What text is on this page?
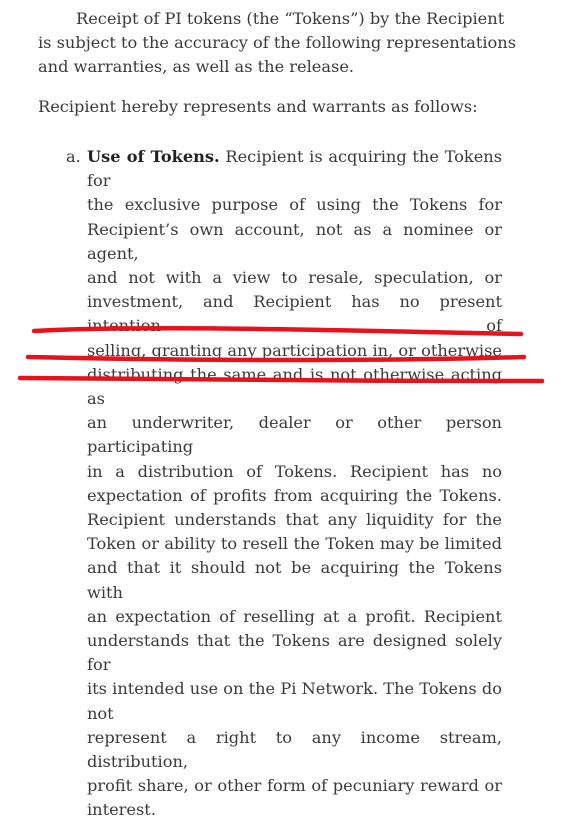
Receipt of PI tokens (the “Tokens”) by the Recipient is subject to the accuracy of the following representations and warranties, as well as the release.

Recipient hereby represents and warrants as follows:

a. Use of Tokens. Recipient is acquiring the Tokens for
the exclusive purpose of using the Tokens for
Recipient’s own account, not as a nominee or agent,
and not with a view to resale, speculation, or
investment, and Recipient has no present intention of
selling, granting any participation in, or otherwise
distributing the same and is not otherwise acting as
an underwriter, dealer or other person participating
in a distribution of Tokens. Recipient has no
expectation of profits from acquiring the Tokens.
Recipient understands that any liquidity for the
Token or ability to resell the Token may be limited
and that it should not be acquiring the Tokens with
an expectation of reselling at a profit. Recipient
understands that the Tokens are designed solely for
its intended use on the Pi Network. The Tokens do not
represent a right to any income stream, distribution,
profit share, or other form of pecuniary reward or
interest.
